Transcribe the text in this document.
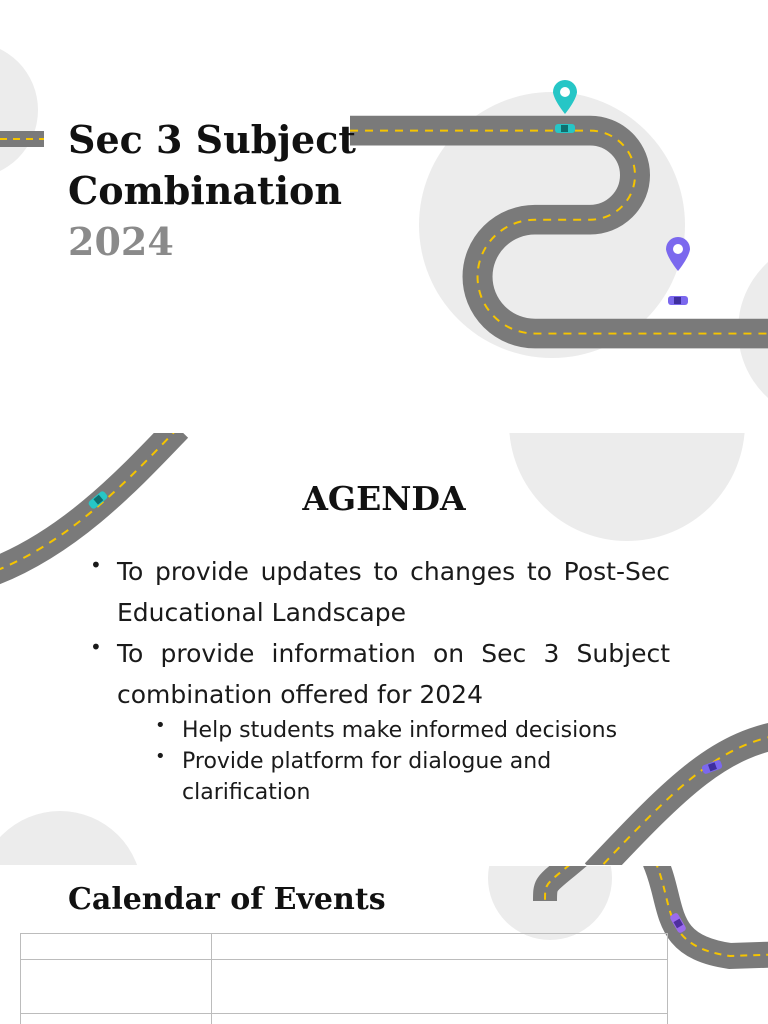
Sec 3 Subject
Combination
2024
AGENDA
• To provide updates to changes to Post-Sec Educational Landscape
• To provide information on Sec 3 Subject combination offered for 2024
• Help students make informed decisions
• Provide platform for dialogue and clarification
Calendar of Events
